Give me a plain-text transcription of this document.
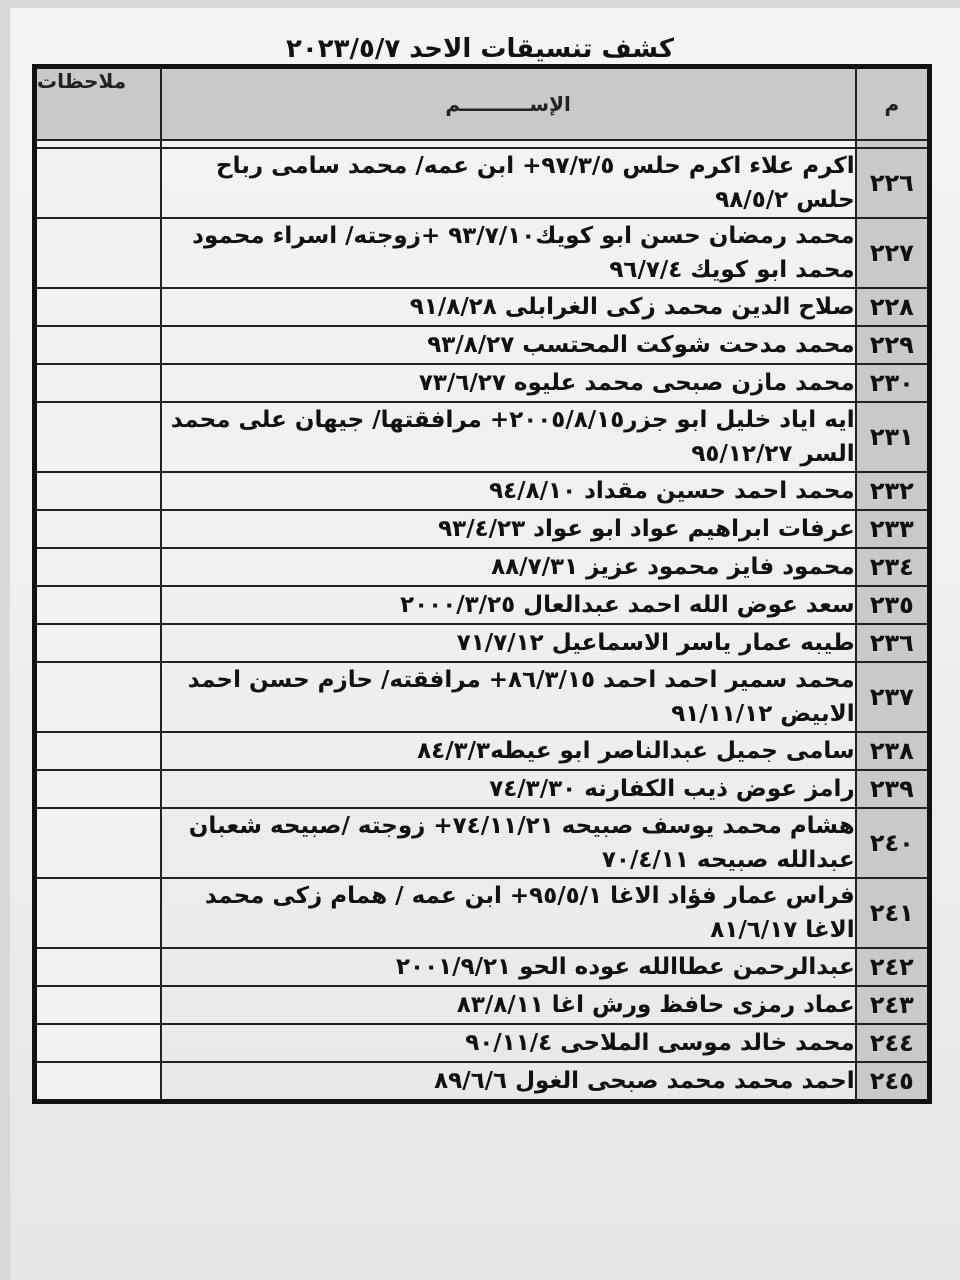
كشف تنسيقات الاحد ٢٠٢٣/٥/٧
م	الإســــــــــم	ملاحظات

٢٢٦	اكرم علاء اكرم حلس ٩٧/٣/٥+ ابن عمه/ محمد سامى رباح حلس ٩٨/٥/٢	
٢٢٧	محمد رمضان حسن ابو كويك٩٣/٧/١٠ +زوجته/ اسراء محمود محمد ابو كويك ٩٦/٧/٤	
٢٢٨	صلاح الدين محمد زكى الغرابلى ٩١/٨/٢٨	
٢٢٩	محمد مدحت شوكت المحتسب ٩٣/٨/٢٧	
٢٣٠	محمد مازن صبحى محمد عليوه ٧٣/٦/٢٧	
٢٣١	ايه اياد خليل ابو جزر٢٠٠٥/٨/١٥+ مرافقتها/ جيهان على محمد السر ٩٥/١٢/٢٧	
٢٣٢	محمد احمد حسين مقداد ٩٤/٨/١٠	
٢٣٣	عرفات ابراهيم عواد ابو عواد ٩٣/٤/٢٣	
٢٣٤	محمود فايز محمود عزيز ٨٨/٧/٣١	
٢٣٥	سعد عوض الله احمد عبدالعال ٢٠٠٠/٣/٢٥	
٢٣٦	طيبه عمار ياسر الاسماعيل ٧١/٧/١٢	
٢٣٧	محمد سمير احمد احمد ٨٦/٣/١٥+ مرافقته/ حازم حسن احمد الابيض ٩١/١١/١٢	
٢٣٨	سامى جميل عبدالناصر ابو عيطه٨٤/٣/٣	
٢٣٩	رامز عوض ذيب الكفارنه ٧٤/٣/٣٠	
٢٤٠	هشام محمد يوسف صبيحه ٧٤/١١/٢١+ زوجته /صبيحه شعبان عبدالله صبيحه ٧٠/٤/١١	
٢٤١	فراس عمار فؤاد الاغا ٩٥/٥/١+ ابن عمه / همام زكى محمد الاغا ٨١/٦/١٧	
٢٤٢	عبدالرحمن عطاالله عوده الحو ٢٠٠١/٩/٢١	
٢٤٣	عماد رمزى حافظ ورش اغا ٨٣/٨/١١	
٢٤٤	محمد خالد موسى الملاحى ٩٠/١١/٤	
٢٤٥	احمد محمد محمد صبحى الغول ٨٩/٦/٦	
